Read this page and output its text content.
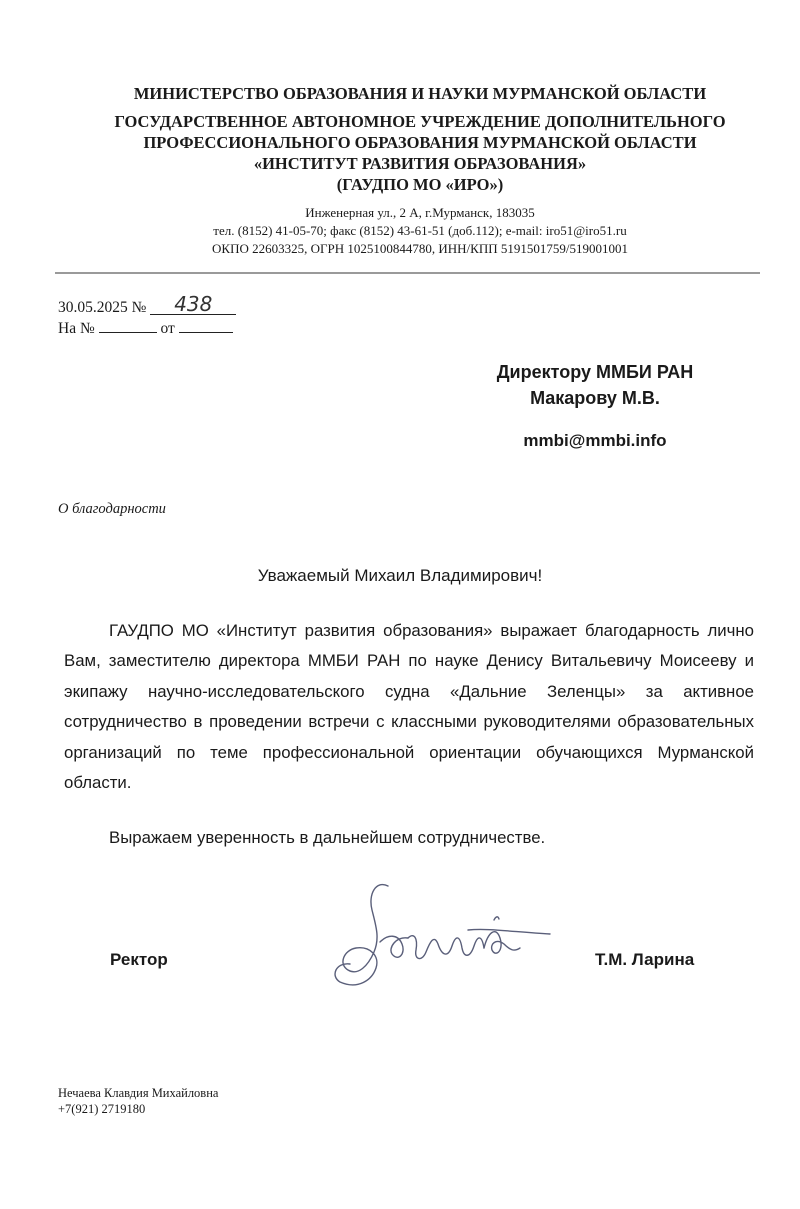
МИНИСТЕРСТВО ОБРАЗОВАНИЯ И НАУКИ МУРМАНСКОЙ ОБЛАСТИ
ГОСУДАРСТВЕННОЕ АВТОНОМНОЕ УЧРЕЖДЕНИЕ ДОПОЛНИТЕЛЬНОГО
ПРОФЕССИОНАЛЬНОГО ОБРАЗОВАНИЯ МУРМАНСКОЙ ОБЛАСТИ
«ИНСТИТУТ РАЗВИТИЯ ОБРАЗОВАНИЯ»
(ГАУДПО МО «ИРО»)
Инженерная ул., 2 А, г.Мурманск, 183035
тел. (8152) 41-05-70; факс (8152) 43-61-51 (доб.112); e-mail: iro51@iro51.ru
ОКПО 22603325, ОГРН 1025100844780, ИНН/КПП 5191501759/519001001
30.05.2025 № 438
На №	от
Директору ММБИ РАН
Макарову М.В.
mmbi@mmbi.info
О благодарности
Уважаемый Михаил Владимирович!

ГАУДПО МО «Институт развития образования» выражает благодарность лично Вам, заместителю директора ММБИ РАН по науке Денису Витальевичу Моисееву и экипажу научно-исследовательского судна «Дальние Зеленцы» за активное сотрудничество в проведении встречи с классными руководителями образовательных организаций по теме профессиональной ориентации обучающихся Мурманской области.

Выражаем уверенность в дальнейшем сотрудничестве.

Ректор	Т.М. Ларина
Нечаева Клавдия Михайловна
+7(921) 2719180
